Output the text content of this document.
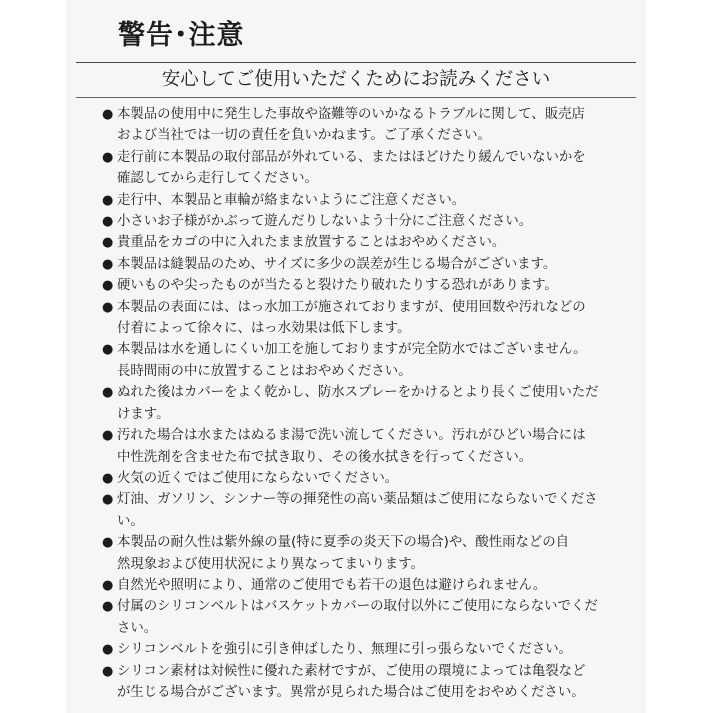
警告･注意
安心してご使用いただくためにお読みください
● 本製品の使用中に発生した事故や盗難等のいかなるトラブルに関して、販売店
および当社では一切の責任を負いかねます。ご了承ください。
● 走行前に本製品の取付部品が外れている、またはほどけたり緩んでいないかを
確認してから走行してください。
● 走行中、本製品と車輪が絡まないようにご注意ください。
● 小さいお子様がかぶって遊んだりしないよう十分にご注意ください。
● 貴重品をカゴの中に入れたまま放置することはおやめください。
● 本製品は縫製品のため、サイズに多少の誤差が生じる場合がございます。
● 硬いものや尖ったものが当たると裂けたり破れたりする恐れがあります。
● 本製品の表面には、はっ水加工が施されておりますが、使用回数や汚れなどの
付着によって徐々に、はっ水効果は低下します。
● 本製品は水を通しにくい加工を施しておりますが完全防水ではございません。
長時間雨の中に放置することはおやめください。
● ぬれた後はカバーをよく乾かし、防水スプレーをかけるとより長くご使用いただ
けます。
● 汚れた場合は水またはぬるま湯で洗い流してください。汚れがひどい場合には
中性洗剤を含ませた布で拭き取り、その後水拭きを行ってください。
● 火気の近くではご使用にならないでください。
● 灯油、ガソリン、シンナー等の揮発性の高い薬品類はご使用にならないでくださ
い。
● 本製品の耐久性は紫外線の量(特に夏季の炎天下の場合)や、酸性雨などの自
然現象および使用状況により異なってまいります。
● 自然光や照明により、通常のご使用でも若干の退色は避けられません。
● 付属のシリコンベルトはバスケットカバーの取付以外にご使用にならないでくだ
さい。
● シリコンベルトを強引に引き伸ばしたり、無理に引っ張らないでください。
● シリコン素材は対候性に優れた素材ですが、ご使用の環境によっては亀裂など
が生じる場合がございます。異常が見られた場合はご使用をおやめください。
